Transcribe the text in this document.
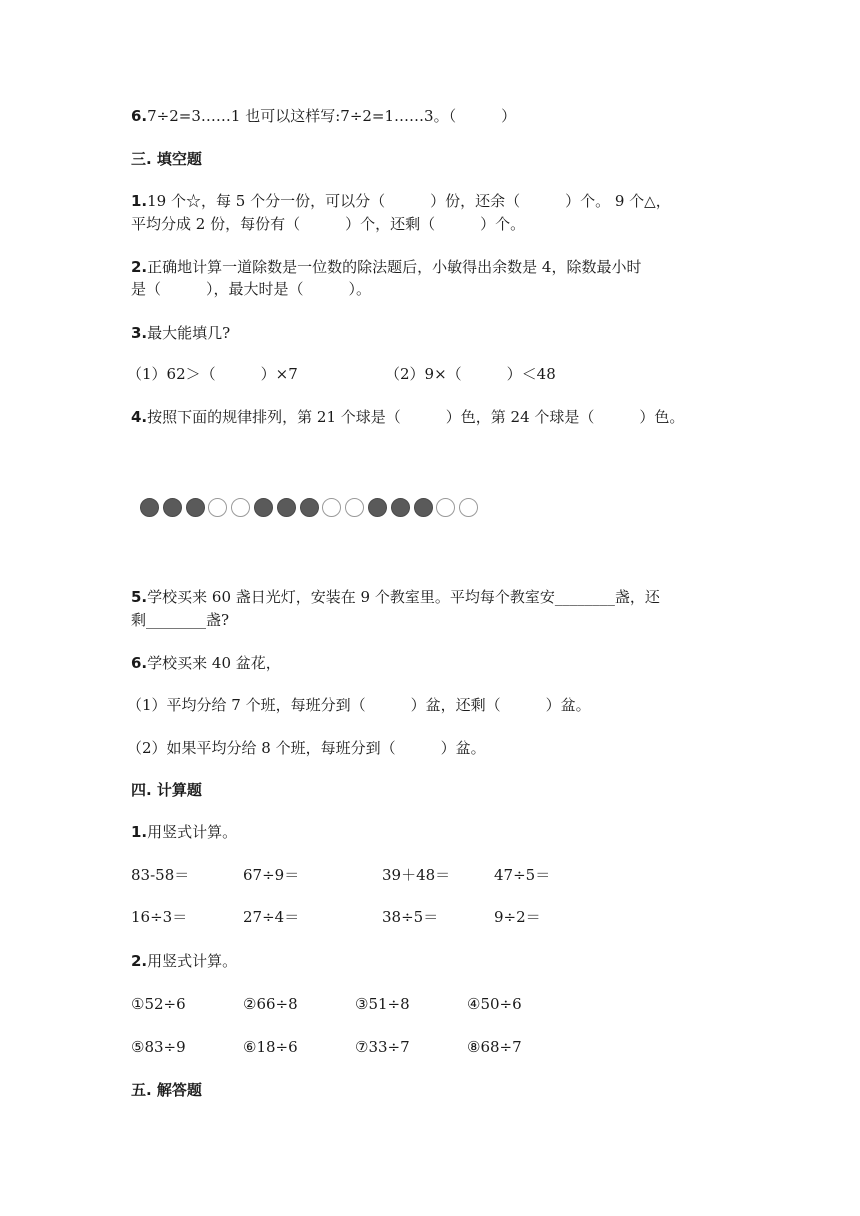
6.7÷2=3……1 也可以这样写:7÷2=1……3。（　　　）
三. 填空题
1.19 个☆，每 5 个分一份，可以分（　　　）份，还余（　　　）个。 9 个△，
平均分成 2 份，每份有（　　　）个，还剩（　　　）个。
2.正确地计算一道除数是一位数的除法题后，小敏得出余数是 4，除数最小时
是（　　　），最大时是（　　　）。
3.最大能填几?
（1）62＞（　　　）×7	（2）9×（　　　）＜48
4.按照下面的规律排列，第 21 个球是（　　　）色，第 24 个球是（　　　）色。
5.学校买来 60 盏日光灯，安装在 9 个教室里。平均每个教室安________盏，还
剩________盏?
6.学校买来 40 盆花，
（1）平均分给 7 个班，每班分到（　　　）盆，还剩（　　　）盆。
（2）如果平均分给 8 个班，每班分到（　　　）盆。
四. 计算题
1.用竖式计算。
83-58＝	67÷9＝	39＋48＝	47÷5＝
16÷3＝	27÷4＝	38÷5＝	9÷2＝
2.用竖式计算。
①52÷6	②66÷8	③51÷8	④50÷6
⑤83÷9	⑥18÷6	⑦33÷7	⑧68÷7
五. 解答题
